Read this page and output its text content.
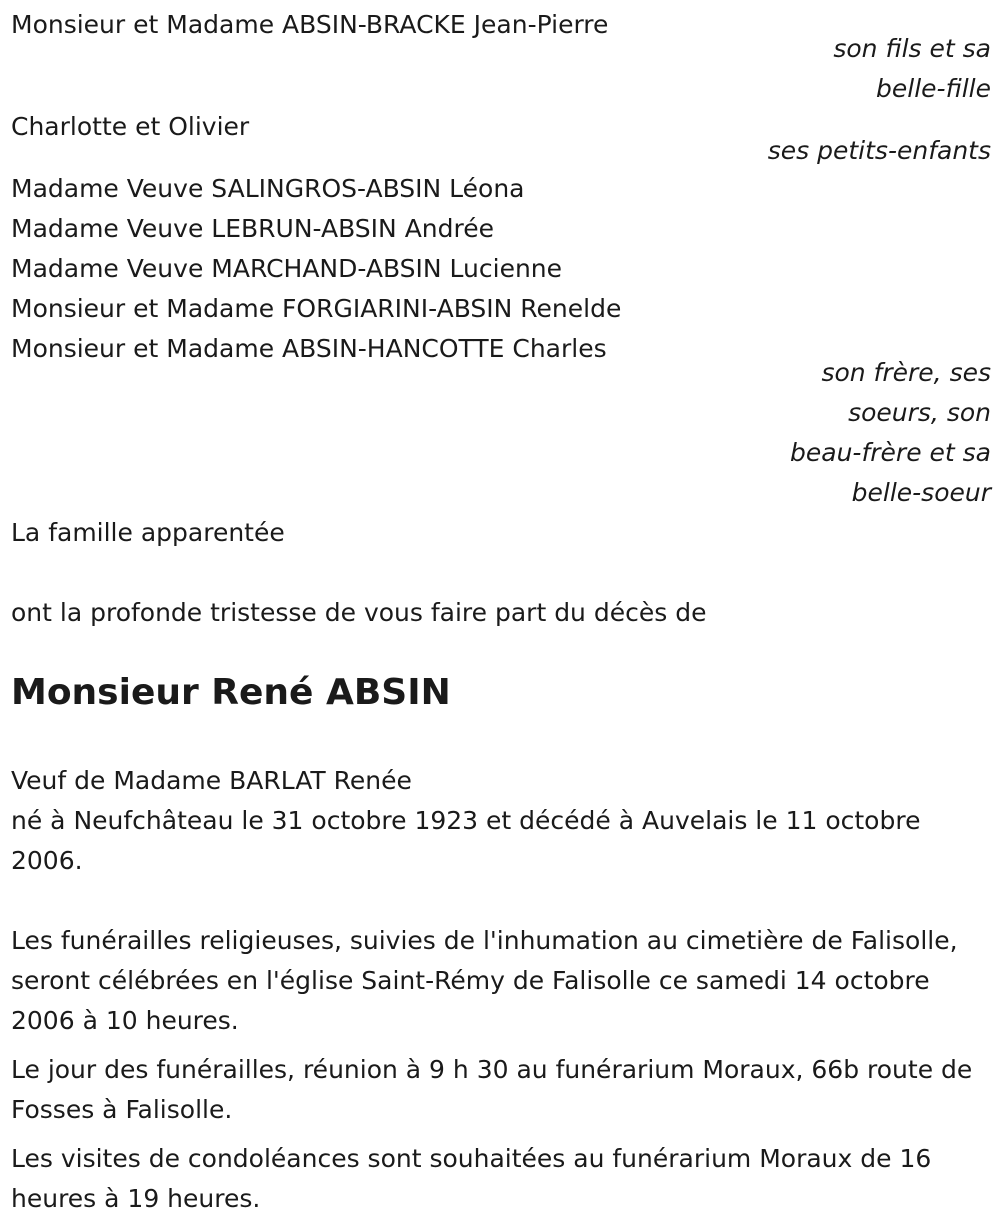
Monsieur et Madame ABSIN-BRACKE Jean-Pierre
son fils et sa
belle-fille
Charlotte et Olivier
ses petits-enfants
Madame Veuve SALINGROS-ABSIN Léona
Madame Veuve LEBRUN-ABSIN Andrée
Madame Veuve MARCHAND-ABSIN Lucienne
Monsieur et Madame FORGIARINI-ABSIN Renelde
Monsieur et Madame ABSIN-HANCOTTE Charles
son frère, ses
soeurs, son
beau-frère et sa
belle-soeur
La famille apparentée
ont la profonde tristesse de vous faire part du décès de
Monsieur René ABSIN
Veuf de Madame BARLAT Renée
né à Neufchâteau le 31 octobre 1923 et décédé à Auvelais le 11 octobre 2006.
Les funérailles religieuses, suivies de l'inhumation au cimetière de Falisolle, seront célébrées en l'église Saint-Rémy de Falisolle ce samedi 14 octobre 2006 à 10 heures.
Le jour des funérailles, réunion à 9 h 30 au funérarium Moraux, 66b route de Fosses à Falisolle.
Les visites de condoléances sont souhaitées au funérarium Moraux de 16 heures à 19 heures.
